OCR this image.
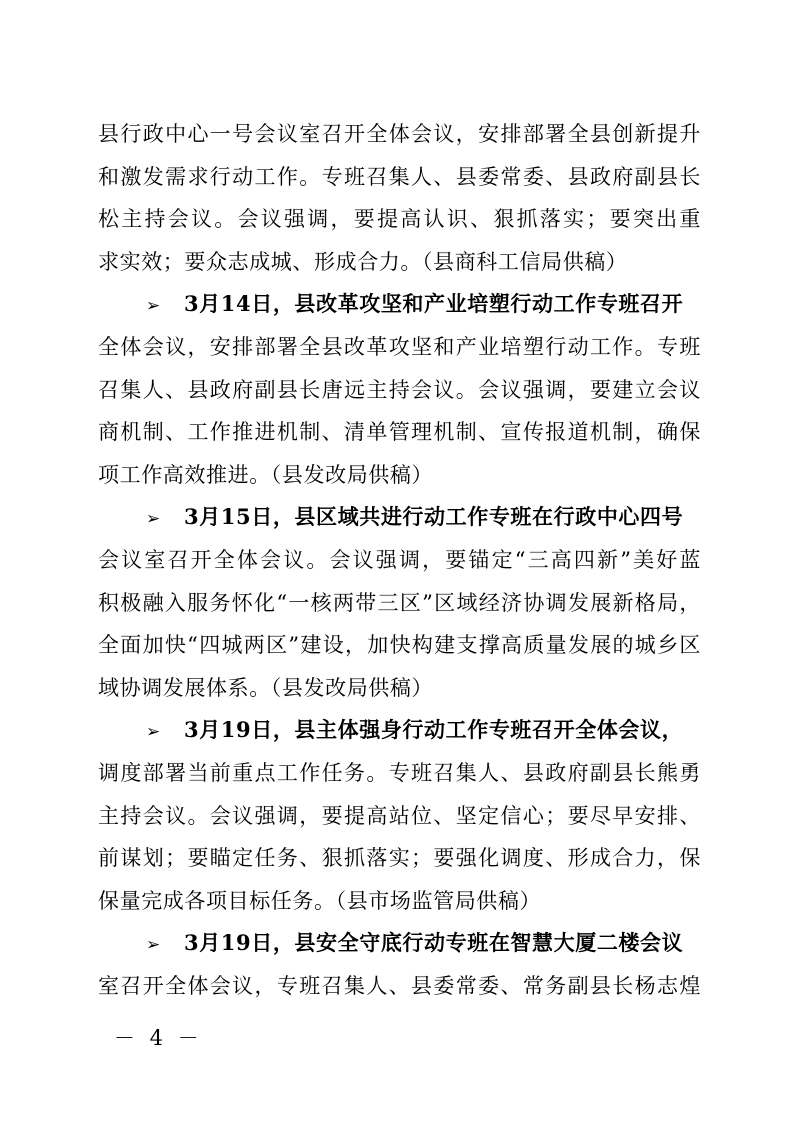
县行政中心一号会议室召开全体会议，安排部署全县创新提升
和激发需求行动工作。专班召集人、县委常委、县政府副县长
松主持会议。会议强调，要提高认识、狠抓落实；要突出重
求实效；要众志成城、形成合力。（县商科工信局供稿）
➢ 3月14日，县改革攻坚和产业培塑行动工作专班召开
全体会议，安排部署全县改革攻坚和产业培塑行动工作。专班
召集人、县政府副县长唐远主持会议。会议强调，要建立会议
商机制、工作推进机制、清单管理机制、宣传报道机制，确保
项工作高效推进。（县发改局供稿）
➢ 3月15日，县区域共进行动工作专班在行政中心四号
会议室召开全体会议。会议强调，要锚定“三高四新”美好蓝
积极融入服务怀化“一核两带三区”区域经济协调发展新格局，
全面加快“四城两区”建设，加快构建支撑高质量发展的城乡区
域协调发展体系。（县发改局供稿）
➢ 3月19日，县主体强身行动工作专班召开全体会议，
调度部署当前重点工作任务。专班召集人、县政府副县长熊勇
主持会议。会议强调，要提高站位、坚定信心；要尽早安排、
前谋划；要瞄定任务、狠抓落实；要强化调度、形成合力，保
保量完成各项目标任务。（县市场监管局供稿）
➢ 3月19日，县安全守底行动专班在智慧大厦二楼会议
室召开全体会议，专班召集人、县委常委、常务副县长杨志煌
－ 4 －
